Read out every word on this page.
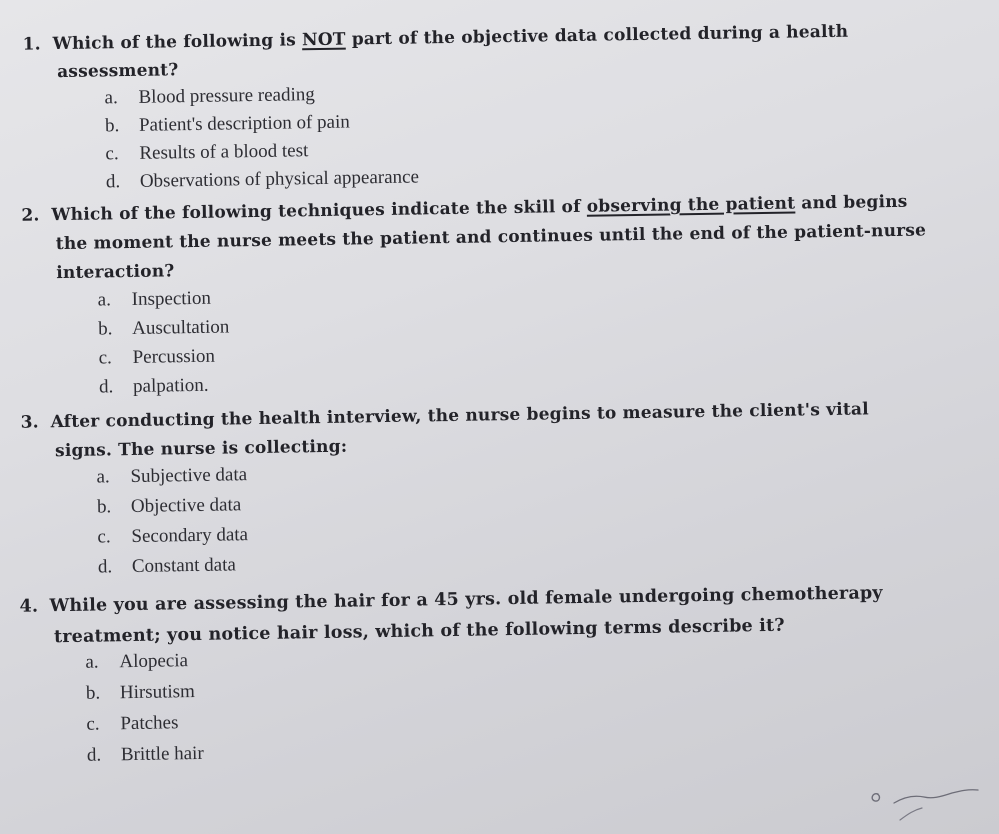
1. Which of the following is NOT part of the objective data collected during a health
assessment?
a. Blood pressure reading
b. Patient's description of pain
c. Results of a blood test
d. Observations of physical appearance
2. Which of the following techniques indicate the skill of observing the patient and begins
the moment the nurse meets the patient and continues until the end of the patient-nurse
interaction?
a. Inspection
b. Auscultation
c. Percussion
d. palpation.
3. After conducting the health interview, the nurse begins to measure the client's vital
signs. The nurse is collecting:
a. Subjective data
b. Objective data
c. Secondary data
d. Constant data
4. While you are assessing the hair for a 45 yrs. old female undergoing chemotherapy
treatment; you notice hair loss, which of the following terms describe it?
a. Alopecia
b. Hirsutism
c. Patches
d. Brittle hair
